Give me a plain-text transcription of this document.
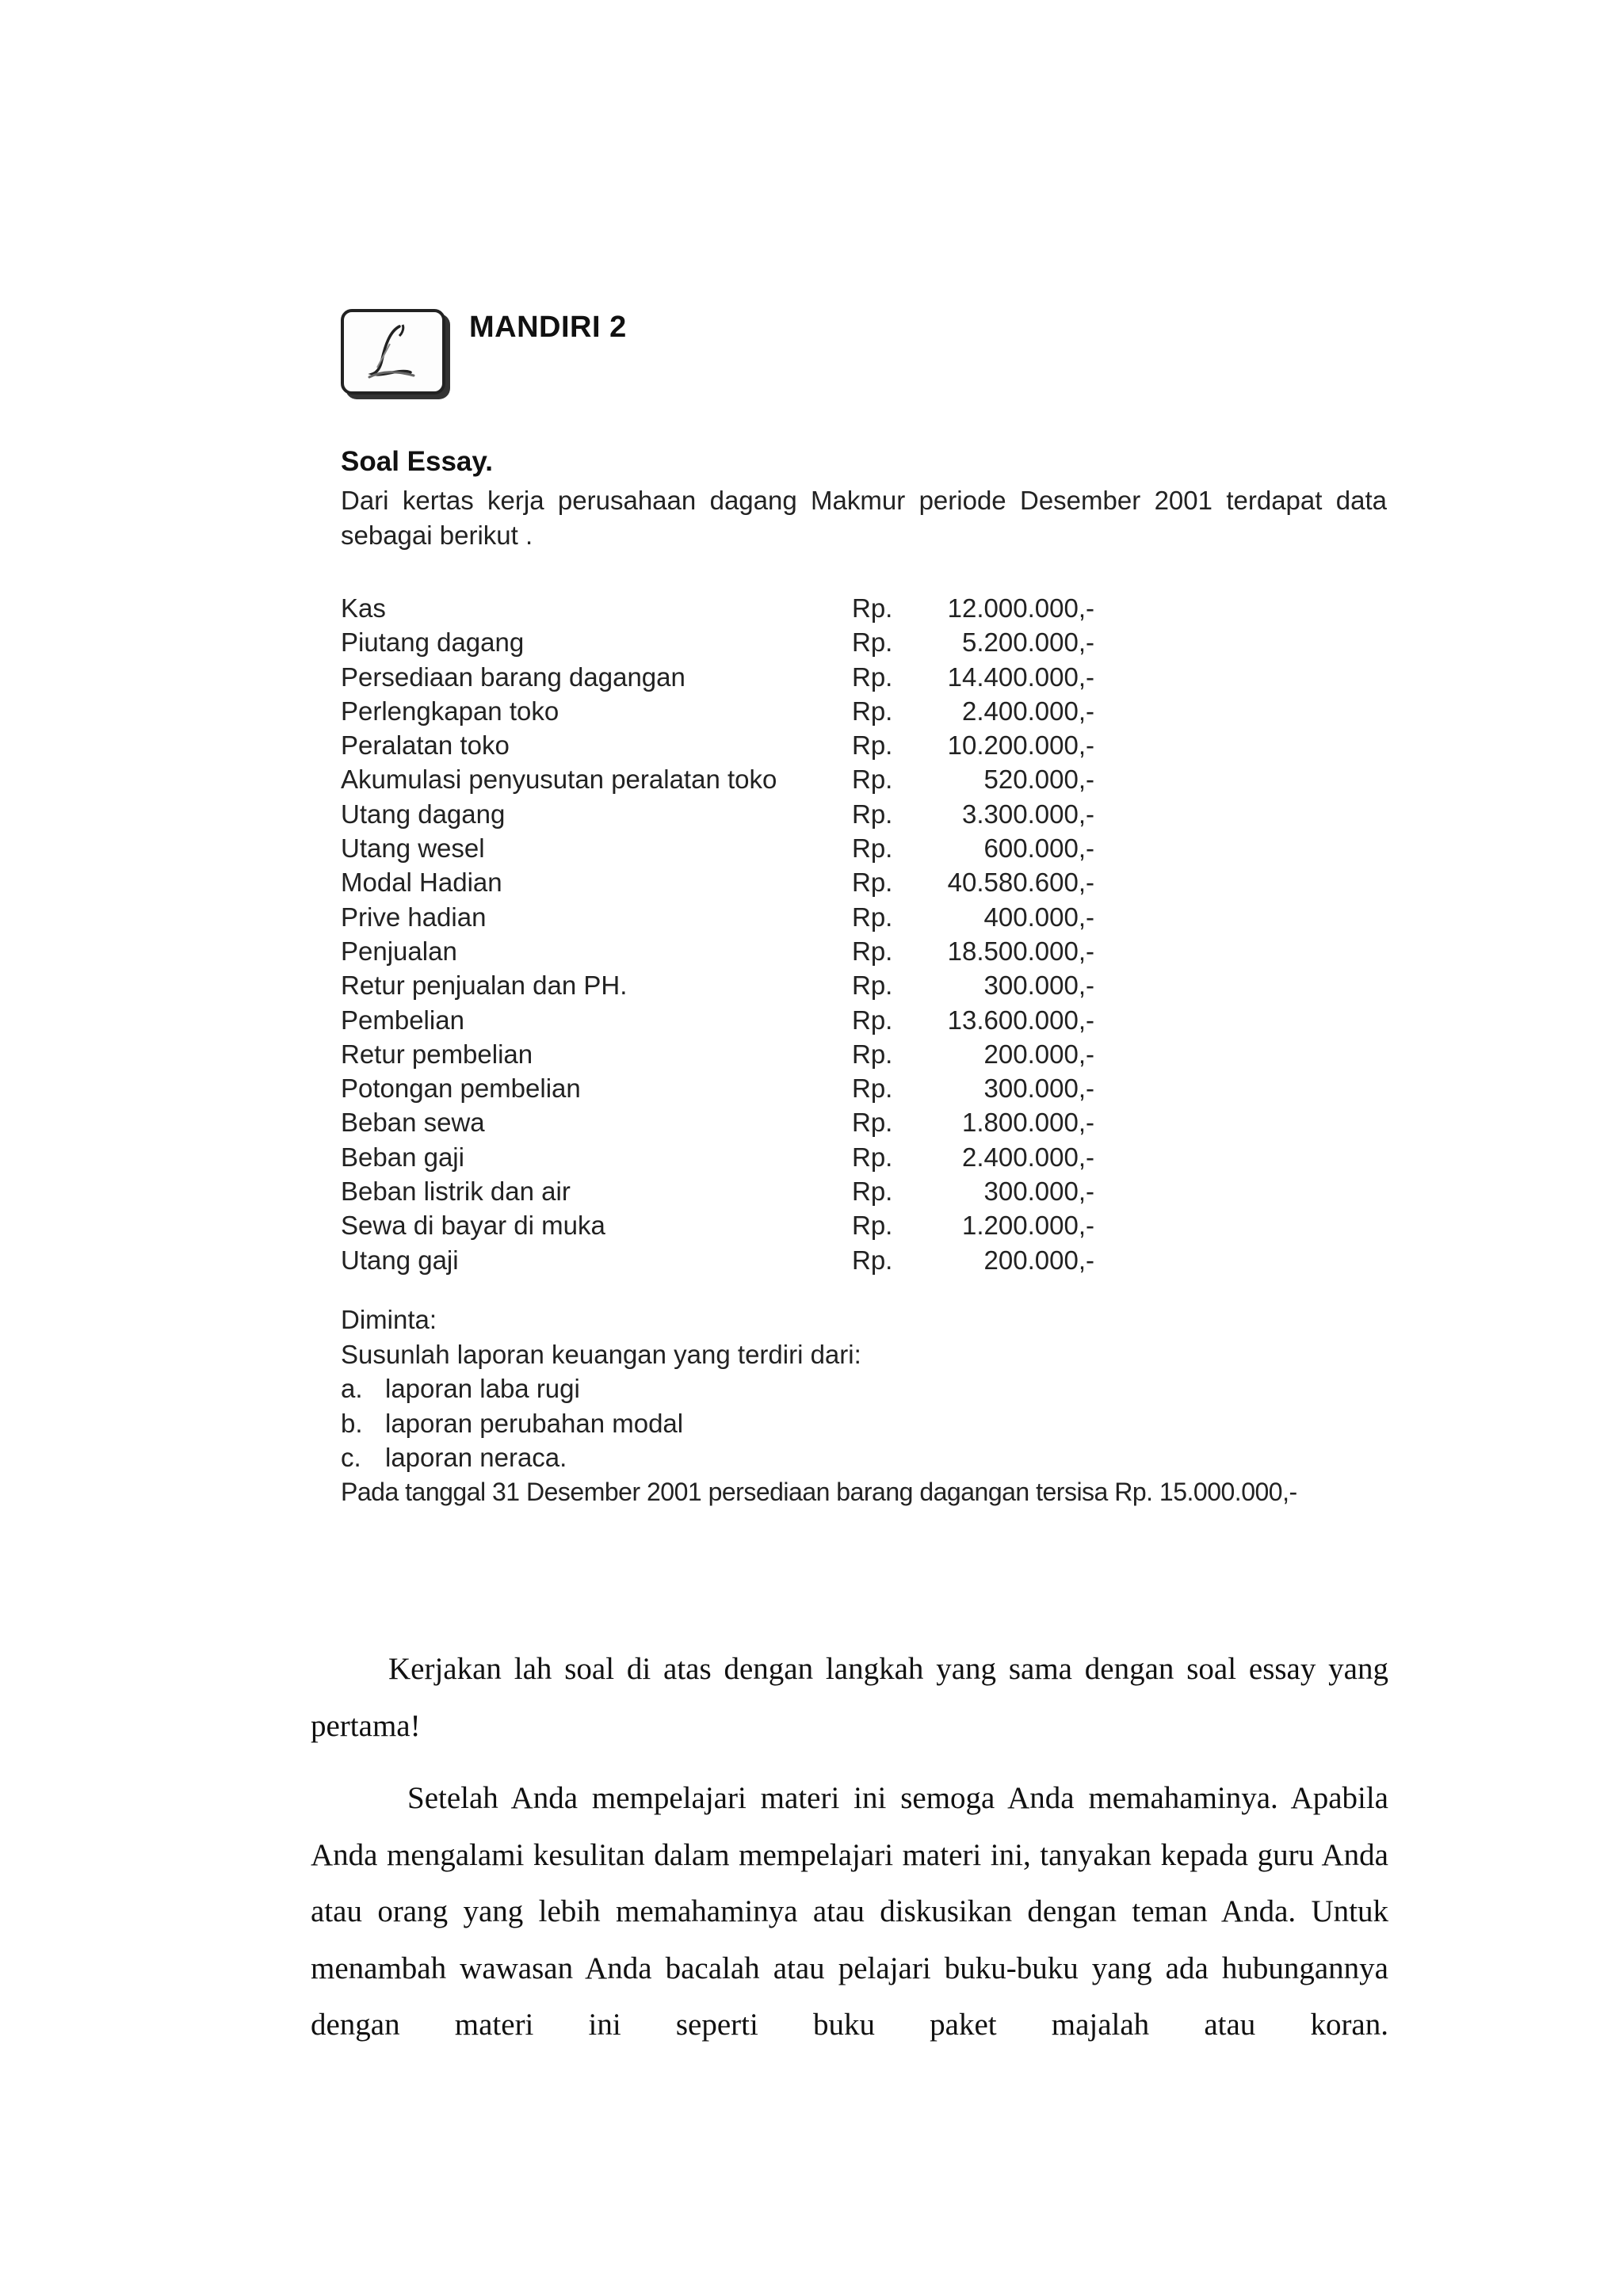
MANDIRI 2

Soal Essay.

Dari kertas kerja perusahaan dagang Makmur periode Desember 2001 terdapat data sebagai berikut .

Kas	Rp.	12.000.000,-
Piutang dagang	Rp.	5.200.000,-
Persediaan barang dagangan	Rp.	14.400.000,-
Perlengkapan toko	Rp.	2.400.000,-
Peralatan toko	Rp.	10.200.000,-
Akumulasi penyusutan peralatan toko	Rp.	520.000,-
Utang dagang	Rp.	3.300.000,-
Utang wesel	Rp.	600.000,-
Modal Hadian	Rp.	40.580.600,-
Prive hadian	Rp.	400.000,-
Penjualan	Rp.	18.500.000,-
Retur penjualan dan PH.	Rp.	300.000,-
Pembelian	Rp.	13.600.000,-
Retur pembelian	Rp.	200.000,-
Potongan pembelian	Rp.	300.000,-
Beban sewa	Rp.	1.800.000,-
Beban gaji	Rp.	2.400.000,-
Beban listrik dan air	Rp.	300.000,-
Sewa di bayar di muka	Rp.	1.200.000,-
Utang gaji	Rp.	200.000,-
Diminta:
Susunlah laporan keuangan yang terdiri dari:
a. laporan laba rugi
b. laporan perubahan modal
c. laporan neraca.
Pada tanggal 31 Desember 2001 persediaan barang dagangan tersisa Rp. 15.000.000,-

Kerjakan lah soal di atas dengan langkah yang sama dengan soal essay yang pertama!

Setelah Anda mempelajari materi ini semoga Anda memahaminya. Apabila Anda mengalami kesulitan dalam mempelajari materi ini, tanyakan kepada guru Anda atau orang yang lebih memahaminya atau diskusikan dengan teman Anda. Untuk menambah wawasan Anda bacalah atau pelajari buku-buku yang ada hubungannya dengan materi ini seperti buku paket majalah atau koran.
